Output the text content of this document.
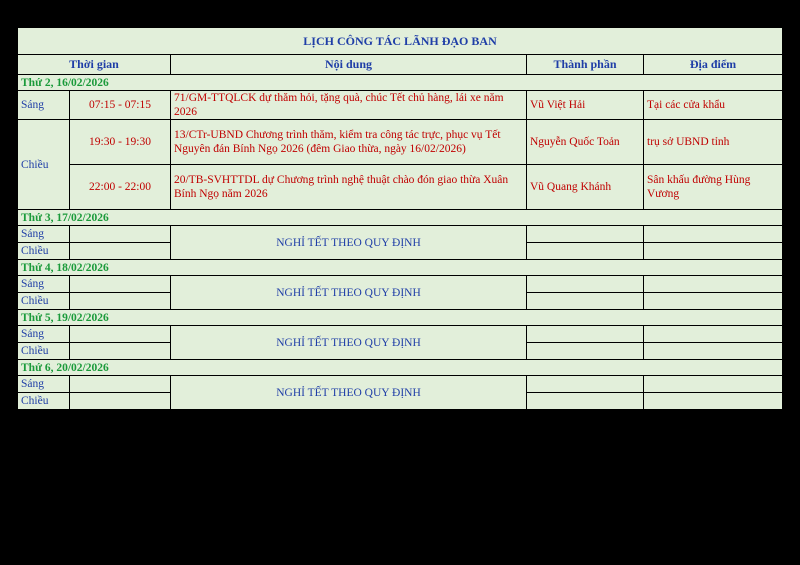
LỊCH CÔNG TÁC LÃNH ĐẠO BAN				
Thời gian		Nội dung	Thành phần	Địa điểm
Thứ 2, 16/02/2026				
Sáng	07:15 - 07:15	71/GM-TTQLCK dự thăm hỏi, tặng quà, chúc Tết chủ hàng, lái xe năm 2026	Vũ Việt Hải	Tại các cửa khẩu
Chiều	19:30 - 19:30	13/CTr-UBND Chương trình thăm, kiểm tra công tác trực, phục vụ Tết Nguyên đán Bính Ngọ 2026 (đêm Giao thừa, ngày 16/02/2026)	Nguyễn Quốc Toản	trụ sở UBND tỉnh
	22:00 - 22:00	20/TB-SVHTTDL dự Chương trình nghệ thuật chào đón giao thừa Xuân Bính Ngọ năm 2026	Vũ Quang Khánh	Sân khấu đường Hùng Vương
Thứ 3, 17/02/2026				
Sáng		NGHỈ TẾT THEO QUY ĐỊNH		
Chiều				
Thứ 4, 18/02/2026				
Sáng		NGHỈ TẾT THEO QUY ĐỊNH		
Chiều				
Thứ 5, 19/02/2026				
Sáng		NGHỈ TẾT THEO QUY ĐỊNH		
Chiều				
Thứ 6, 20/02/2026				
Sáng		NGHỈ TẾT THEO QUY ĐỊNH		
Chiều				
